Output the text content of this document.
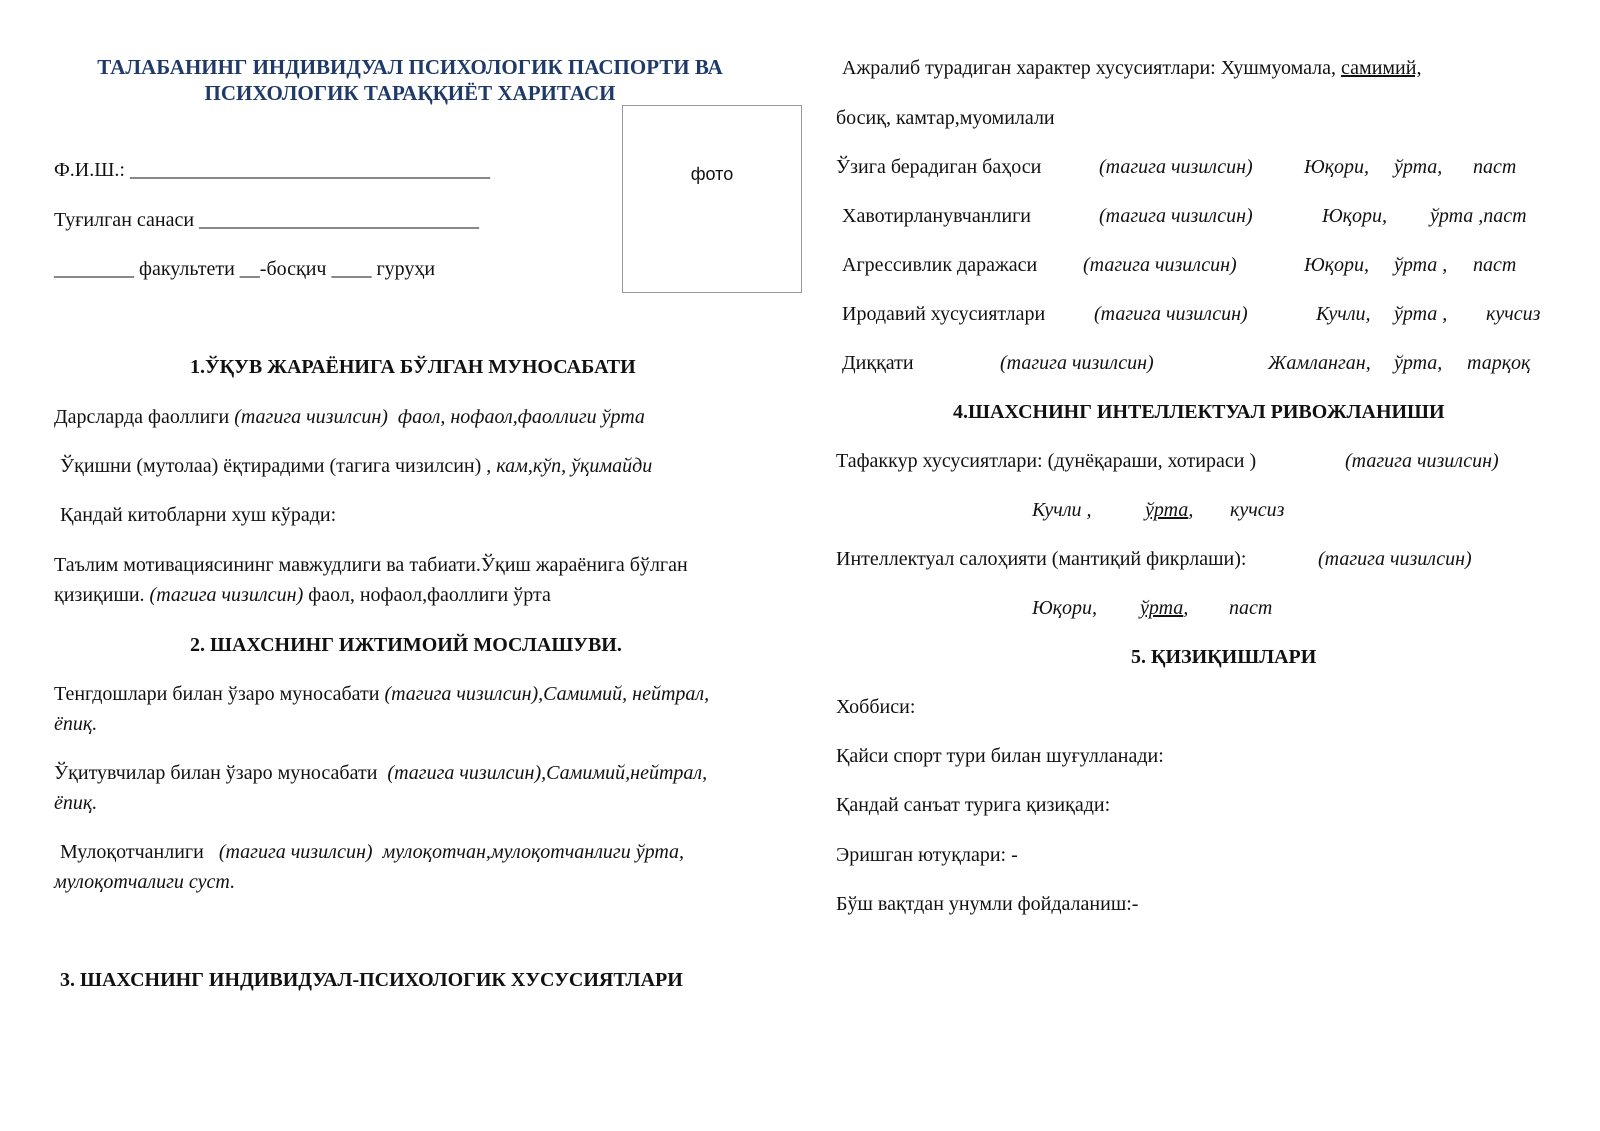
ТАЛАБАНИНГ ИНДИВИДУАЛ ПСИХОЛОГИК ПАСПОРТИ ВА
ПСИХОЛОГИК ТАРАҚҚИЁТ ХАРИТАСИ
фото
Ф.И.Ш.: ____________________________________
Туғилган санаси ____________________________
________ факультети __-босқич ____ гуруҳи
1.ЎҚУВ ЖАРАЁНИГА БЎЛГАН МУНОСАБАТИ
Дарсларда фаоллиги (тагига чизилсин) фаол, нофаол,фаоллиги ўрта
Ўқишни (мутолаа) ёқтирадими (тагига чизилсин) , кам,кўп, ўқимайди
Қандай китобларни хуш кўради:
Таълим мотивациясининг мавжудлиги ва табиати.Ўқиш жараёнига бўлган
қизиқиши. (тагига чизилсин) фаол, нофаол,фаоллиги ўрта
2. ШАХСНИНГ ИЖТИМОИЙ МОСЛАШУВИ.
Тенгдошлари билан ўзаро муносабати (тагига чизилсин),Самимий, нейтрал,
ёпиқ.
Ўқитувчилар билан ўзаро муносабати (тагига чизилсин),Самимий,нейтрал,
ёпиқ.
Мулоқотчанлиги (тагига чизилсин) мулоқотчан,мулоқотчанлиги ўрта,
мулоқотчалиги суст.
3. ШАХСНИНГ ИНДИВИДУАЛ-ПСИХОЛОГИК ХУСУСИЯТЛАРИ
Ажралиб турадиган характер хусусиятлари: Хушмуомала, самимий,
босиқ, камтар,муомилали
Ўзига берадиган баҳоси	(тагига чизилсин)	Юқори, ўрта, паст
Хавотирланувчанлиги	(тагига чизилсин)	Юқори, ўрта ,паст
Агрессивлик даражаси (тагига чизилсин)	Юқори, ўрта , паст
Иродавий хусусиятлари (тагига чизилсин)	Кучли, ўрта , кучсиз
Диққати	(тагига чизилсин)	Жамланган, ўрта, тарқоқ
4.ШАХСНИНГ ИНТЕЛЛЕКТУАЛ РИВОЖЛАНИШИ
Тафаккур хусусиятлари: (дунёқараши, хотираси )	(тагига чизилсин)
Кучли ,	ўрта, кучсиз
Интеллектуал салоҳияти (мантиқий фикрлаши):	(тагига чизилсин)
Юқори, ўрта, паст
5. ҚИЗИҚИШЛАРИ
Хоббиси:
Қайси спорт тури билан шуғулланади:
Қандай санъат турига қизиқади:
Эришган ютуқлари: -
Бўш вақтдан унумли фойдаланиш:-
